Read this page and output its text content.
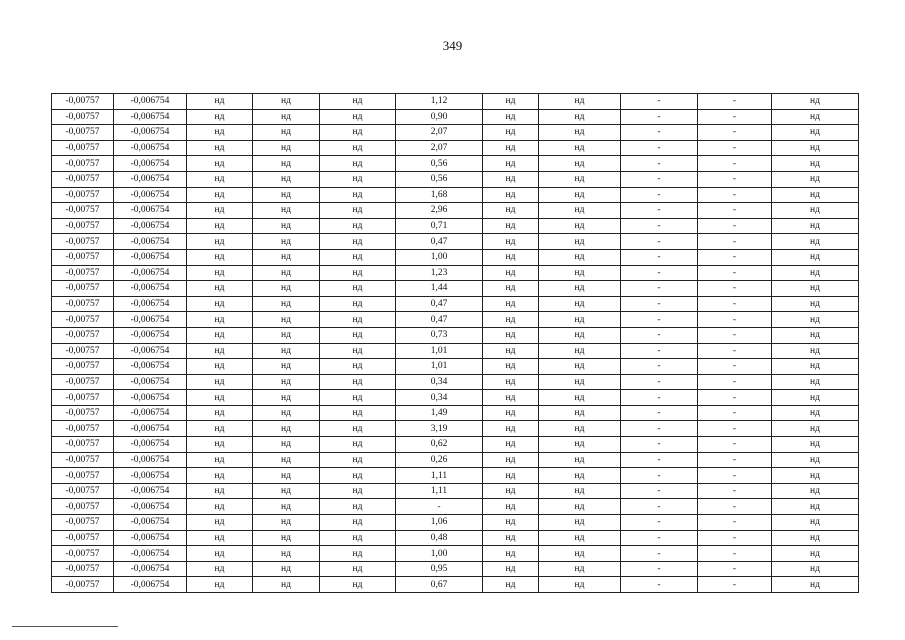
349
-0,00757	-0,006754	нд	нд	нд	1,12	нд	нд	-	-	нд
-0,00757	-0,006754	нд	нд	нд	0,90	нд	нд	-	-	нд
-0,00757	-0,006754	нд	нд	нд	2,07	нд	нд	-	-	нд
-0,00757	-0,006754	нд	нд	нд	2,07	нд	нд	-	-	нд
-0,00757	-0,006754	нд	нд	нд	0,56	нд	нд	-	-	нд
-0,00757	-0,006754	нд	нд	нд	0,56	нд	нд	-	-	нд
-0,00757	-0,006754	нд	нд	нд	1,68	нд	нд	-	-	нд
-0,00757	-0,006754	нд	нд	нд	2,96	нд	нд	-	-	нд
-0,00757	-0,006754	нд	нд	нд	0,71	нд	нд	-	-	нд
-0,00757	-0,006754	нд	нд	нд	0,47	нд	нд	-	-	нд
-0,00757	-0,006754	нд	нд	нд	1,00	нд	нд	-	-	нд
-0,00757	-0,006754	нд	нд	нд	1,23	нд	нд	-	-	нд
-0,00757	-0,006754	нд	нд	нд	1,44	нд	нд	-	-	нд
-0,00757	-0,006754	нд	нд	нд	0,47	нд	нд	-	-	нд
-0,00757	-0,006754	нд	нд	нд	0,47	нд	нд	-	-	нд
-0,00757	-0,006754	нд	нд	нд	0,73	нд	нд	-	-	нд
-0,00757	-0,006754	нд	нд	нд	1,01	нд	нд	-	-	нд
-0,00757	-0,006754	нд	нд	нд	1,01	нд	нд	-	-	нд
-0,00757	-0,006754	нд	нд	нд	0,34	нд	нд	-	-	нд
-0,00757	-0,006754	нд	нд	нд	0,34	нд	нд	-	-	нд
-0,00757	-0,006754	нд	нд	нд	1,49	нд	нд	-	-	нд
-0,00757	-0,006754	нд	нд	нд	3,19	нд	нд	-	-	нд
-0,00757	-0,006754	нд	нд	нд	0,62	нд	нд	-	-	нд
-0,00757	-0,006754	нд	нд	нд	0,26	нд	нд	-	-	нд
-0,00757	-0,006754	нд	нд	нд	1,11	нд	нд	-	-	нд
-0,00757	-0,006754	нд	нд	нд	1,11	нд	нд	-	-	нд
-0,00757	-0,006754	нд	нд	нд	-	нд	нд	-	-	нд
-0,00757	-0,006754	нд	нд	нд	1,06	нд	нд	-	-	нд
-0,00757	-0,006754	нд	нд	нд	0,48	нд	нд	-	-	нд
-0,00757	-0,006754	нд	нд	нд	1,00	нд	нд	-	-	нд
-0,00757	-0,006754	нд	нд	нд	0,95	нд	нд	-	-	нд
-0,00757	-0,006754	нд	нд	нд	0,67	нд	нд	-	-	нд
